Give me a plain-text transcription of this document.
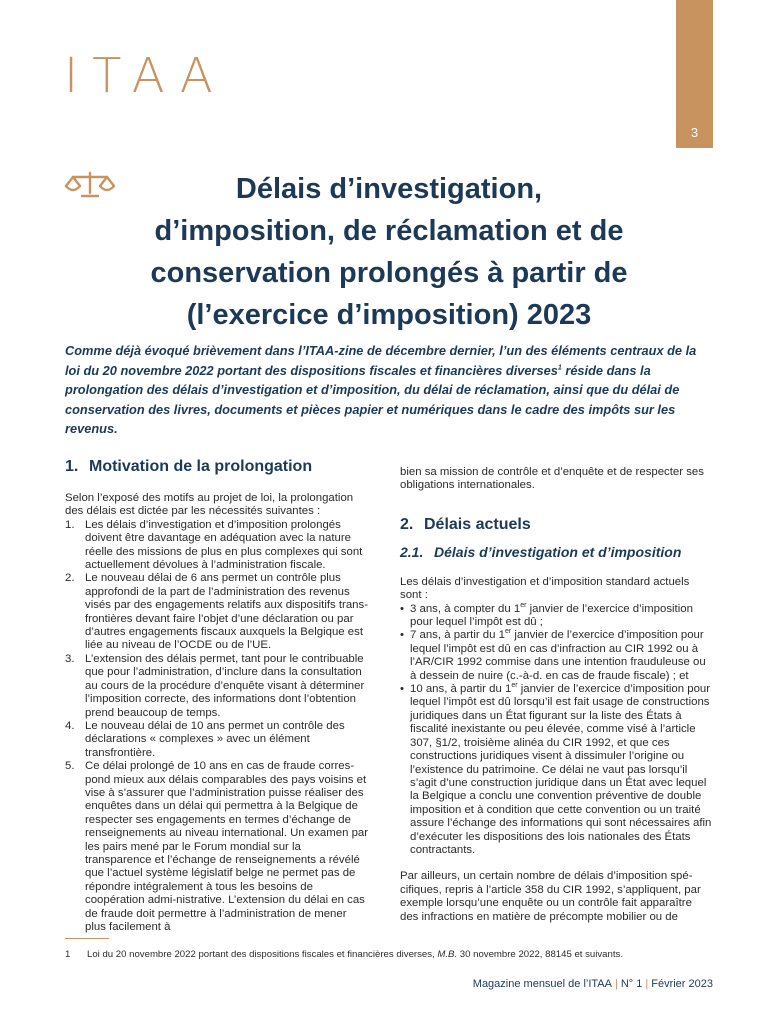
ITAA
3
Délais d’investigation,
d’imposition, de réclamation et de
conservation prolongés à partir de
(l’exercice d’imposition) 2023

Comme déjà évoqué brièvement dans l’ITAA-zine de décembre dernier, l’un des éléments centraux de la loi du 20 novembre 2022 portant des dispositions fiscales et financières diverses$^1$ réside dans la prolongation des délais d’investigation et d’imposition, du délai de réclamation, ainsi que du délai de conservation des livres, documents et pièces papier et numériques dans le cadre des impôts sur les revenus.

1. Motivation de la prolongation

Selon l’exposé des motifs au projet de loi, la prolongation des délais est dictée par les nécessités suivantes :

1. Les délais d’investigation et d’imposition prolongés doivent être davantage en adéquation avec la nature réelle des missions de plus en plus complexes qui sont actuellement dévolues à l’administration fiscale.
2. Le nouveau délai de 6 ans permet un contrôle plus approfondi de la part de l’administration des revenus visés par des engagements relatifs aux dispositifs trans-frontières devant faire l’objet d’une déclaration ou par d’autres engagements fiscaux auxquels la Belgique est liée au niveau de l’OCDE ou de l’UE.
3. L’extension des délais permet, tant pour le contribuable que pour l’administration, d’inclure dans la consultation au cours de la procédure d’enquête visant à déterminer l’imposition correcte, des informations dont l’obtention prend beaucoup de temps.
4. Le nouveau délai de 10 ans permet un contrôle des déclarations « complexes » avec un élément transfrontière.
5. Ce délai prolongé de 10 ans en cas de fraude corres-pond mieux aux délais comparables des pays voisins et vise à s’assurer que l’administration puisse réaliser des enquêtes dans un délai qui permettra à la Belgique de respecter ses engagements en termes d’échange de renseignements au niveau international. Un examen par les pairs mené par le Forum mondial sur la transparence et l’échange de renseignements a révélé que l’actuel système législatif belge ne permet pas de répondre intégralement à tous les besoins de coopération admi-nistrative. L’extension du délai en cas de fraude doit permettre à l’administration de mener plus facilement à

bien sa mission de contrôle et d’enquête et de respecter ses obligations internationales.

2. Délais actuels
2.1. Délais d’investigation et d’imposition

Les délais d’investigation et d’imposition standard actuels sont :

• 3 ans, à compter du 1er janvier de l’exercice d’imposition pour lequel l’impôt est dû ;
• 7 ans, à partir du 1er janvier de l’exercice d’imposition pour lequel l’impôt est dû en cas d’infraction au CIR 1992 ou à l’AR/CIR 1992 commise dans une intention frauduleuse ou à dessein de nuire (c.-à-d. en cas de fraude fiscale) ; et
• 10 ans, à partir du 1er janvier de l’exercice d’imposition pour lequel l’impôt est dû lorsqu’il est fait usage de constructions juridiques dans un État figurant sur la liste des États à fiscalité inexistante ou peu élevée, comme visé à l’article 307, §1/2, troisième alinéa du CIR 1992, et que ces constructions juridiques visent à dissimuler l’origine ou l’existence du patrimoine. Ce délai ne vaut pas lorsqu’il s’agit d’une construction juridique dans un État avec lequel la Belgique a conclu une convention préventive de double imposition et à condition que cette convention ou un traité assure l’échange des informations qui sont nécessaires afin d’exécuter les dispositions des lois nationales des États contractants.

Par ailleurs, un certain nombre de délais d’imposition spé-cifiques, repris à l’article 358 du CIR 1992, s’appliquent, par exemple lorsqu’une enquête ou un contrôle fait apparaître des infractions en matière de précompte mobilier ou de

1 Loi du 20 novembre 2022 portant des dispositions fiscales et financières diverses, M.B. 30 novembre 2022, 88145 et suivants.
Magazine mensuel de l’ITAA | N° 1 | Février 2023
